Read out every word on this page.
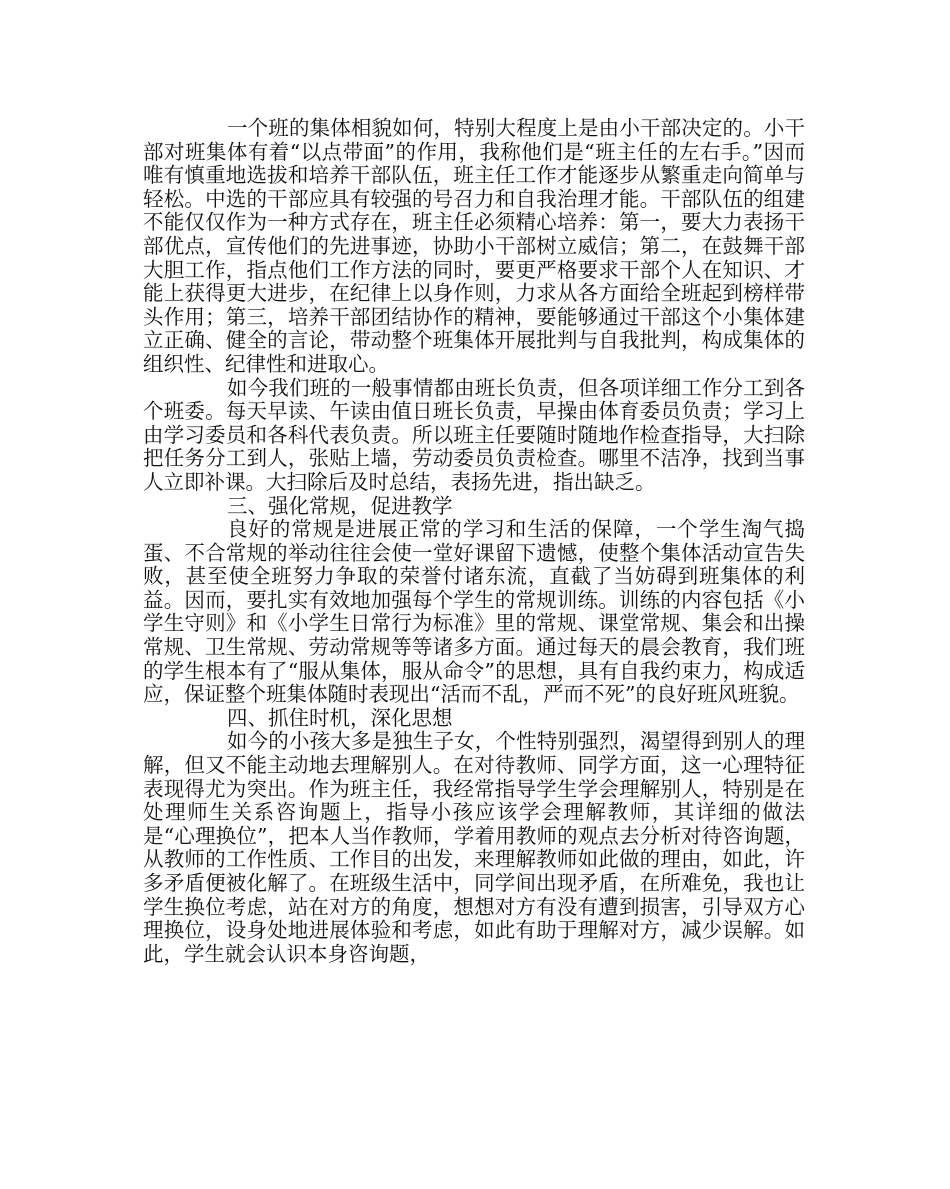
一个班的集体相貌如何，特别大程度上是由小干部决定的。小干部对班集体有着“以点带面”的作用，我称他们是“班主任的左右手。”因而唯有慎重地选拔和培养干部队伍，班主任工作才能逐步从繁重走向简单与轻松。中选的干部应具有较强的号召力和自我治理才能。干部队伍的组建不能仅仅作为一种方式存在，班主任必须精心培养：第一，要大力表扬干部优点，宣传他们的先进事迹，协助小干部树立威信；第二，在鼓舞干部大胆工作，指点他们工作方法的同时，要更严格要求干部个人在知识、才能上获得更大进步，在纪律上以身作则，力求从各方面给全班起到榜样带头作用；第三，培养干部团结协作的精神，要能够通过干部这个小集体建立正确、健全的言论，带动整个班集体开展批判与自我批判，构成集体的组织性、纪律性和进取心。

如今我们班的一般事情都由班长负责，但各项详细工作分工到各个班委。每天早读、午读由值日班长负责，早操由体育委员负责；学习上由学习委员和各科代表负责。所以班主任要随时随地作检查指导，大扫除把任务分工到人，张贴上墙，劳动委员负责检查。哪里不洁净，找到当事人立即补课。大扫除后及时总结，表扬先进，指出缺乏。

三、强化常规，促进教学

良好的常规是进展正常的学习和生活的保障，一个学生淘气捣蛋、不合常规的举动往往会使一堂好课留下遗憾，使整个集体活动宣告失败，甚至使全班努力争取的荣誉付诸东流，直截了当妨碍到班集体的利益。因而，要扎实有效地加强每个学生的常规训练。训练的内容包括《小学生守则》和《小学生日常行为标准》里的常规、课堂常规、集会和出操常规、卫生常规、劳动常规等等诸多方面。通过每天的晨会教育，我们班的学生根本有了“服从集体，服从命令”的思想，具有自我约束力，构成适应，保证整个班集体随时表现出“活而不乱，严而不死”的良好班风班貌。

四、抓住时机，深化思想

如今的小孩大多是独生子女，个性特别强烈，渴望得到别人的理解，但又不能主动地去理解别人。在对待教师、同学方面，这一心理特征表现得尤为突出。作为班主任，我经常指导学生学会理解别人，特别是在处理师生关系咨询题上，指导小孩应该学会理解教师，其详细的做法是“心理换位”，把本人当作教师，学着用教师的观点去分析对待咨询题，从教师的工作性质、工作目的出发，来理解教师如此做的理由，如此，许多矛盾便被化解了。在班级生活中，同学间出现矛盾，在所难免，我也让学生换位考虑，站在对方的角度，想想对方有没有遭到损害，引导双方心理换位，设身处地进展体验和考虑，如此有助于理解对方，减少误解。如此，学生就会认识本身咨询题，
